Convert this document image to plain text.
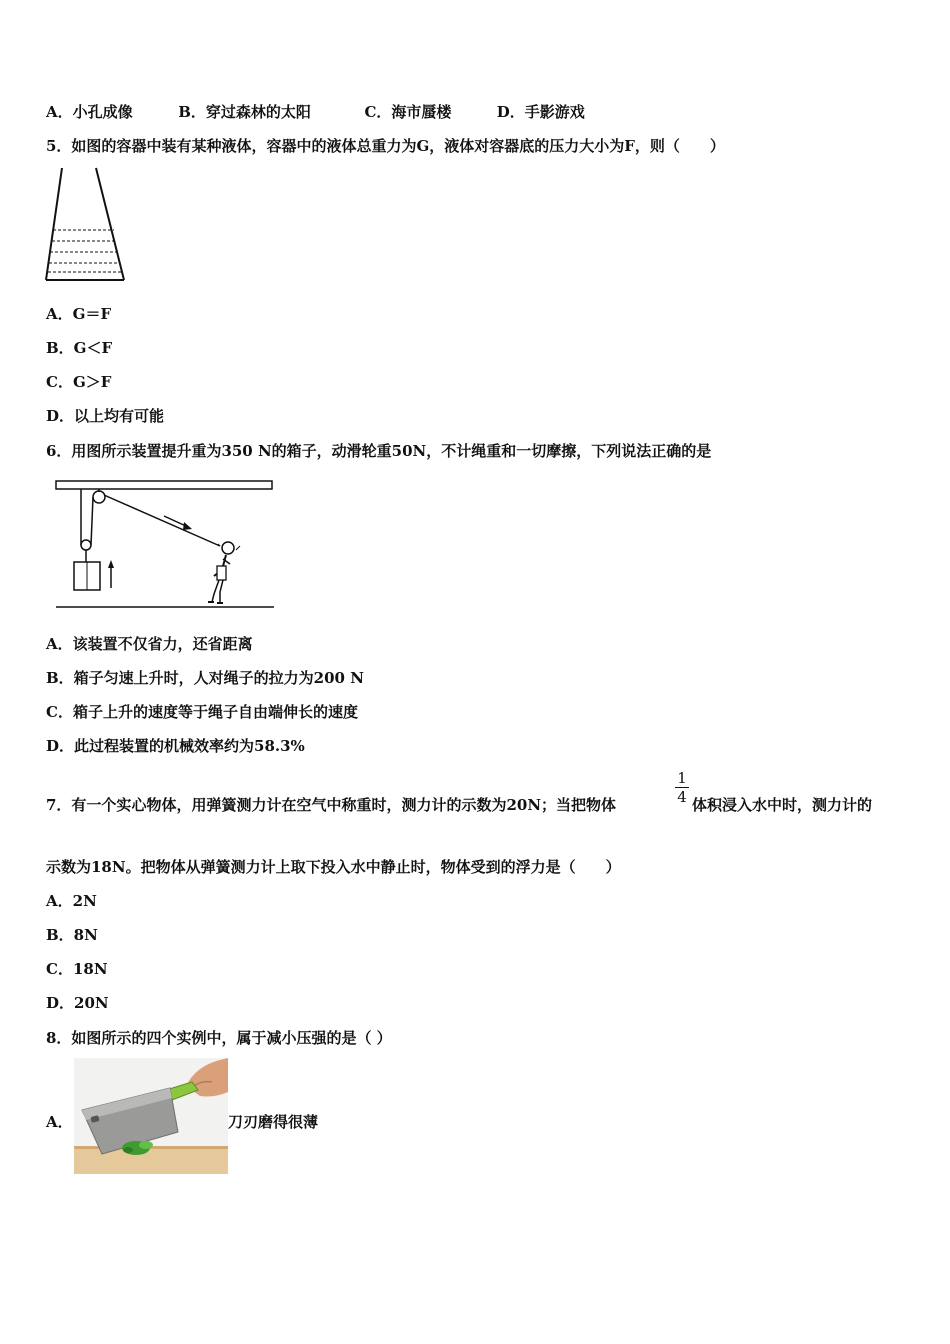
A．小孔成像	B．穿过森林的太阳	C．海市蜃楼	D．手影游戏
5．如图的容器中装有某种液体，容器中的液体总重力为G，液体对容器底的压力大小为F，则（　　）
A．G＝F
B．G＜F
C．G＞F
D．以上均有可能
6．用图所示装置提升重为350 N的箱子，动滑轮重50N，不计绳重和一切摩擦，下列说法正确的是
A．该装置不仅省力，还省距离
B．箱子匀速上升时，人对绳子的拉力为200 N
C．箱子上升的速度等于绳子自由端伸长的速度
D．此过程装置的机械效率约为58.3%
7．有一个实心物体，用弹簧测力计在空气中称重时，测力计的示数为20N；当把物体
1
4 体积浸入水中时，测力计的
示数为18N。把物体从弹簧测力计上取下投入水中静止时，物体受到的浮力是（　　）
A．2N
B．8N
C．18N
D．20N
8．如图所示的四个实例中，属于减小压强的是（ ）
A．	刀刃磨得很薄
